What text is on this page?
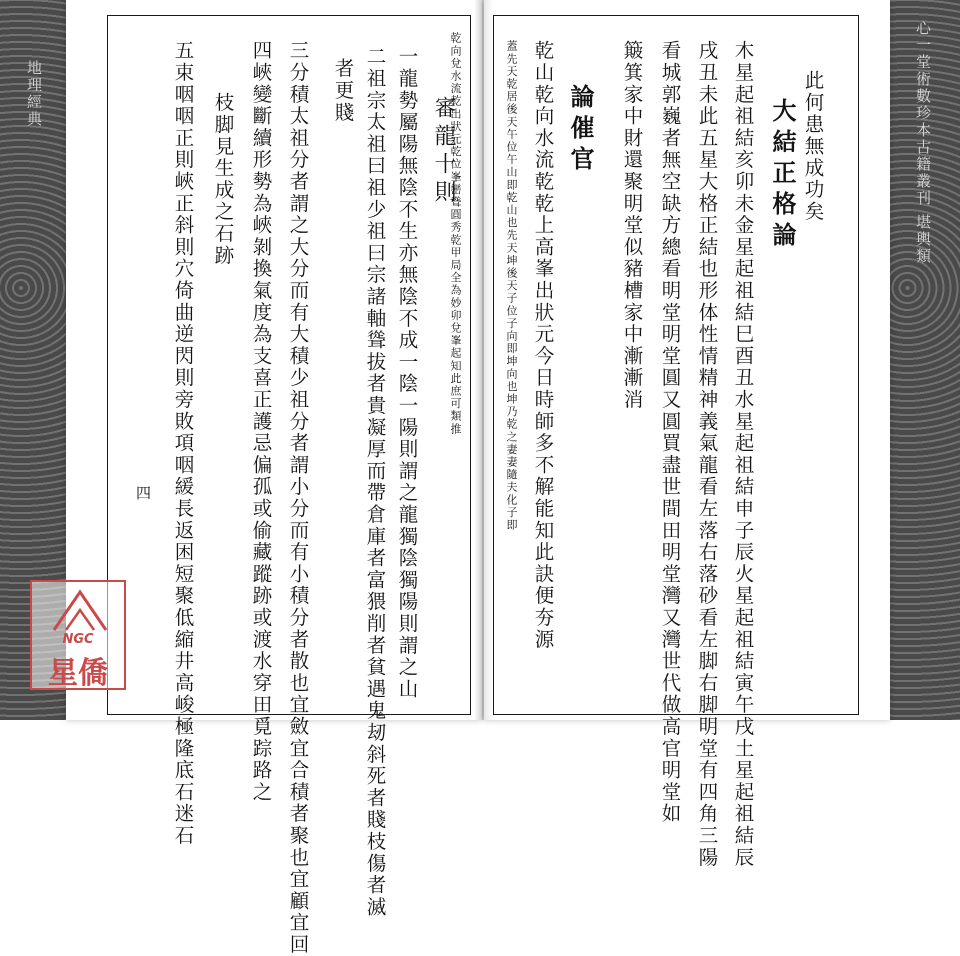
地理經典	心一堂術數珍本古籍叢刊 堪輿類
乾向兌水流乾出狀元乾位峯巒聳圓秀乾甲局全為妙卯兌峯起知此庶可類推
審龍十則
一龍勢屬陽無陰不生亦無陰不成一陰一陽則謂之龍獨陰獨陽則謂之山
二祖宗太祖曰祖少祖曰宗諸軸聳拔者貴凝厚而帶倉庫者富猥削者貧遇鬼刼斜死者賤枝傷者滅
者更賤
三分積太祖分者謂之大分而有大積少祖分者謂小分而有小積分者散也宜斂宜合積者聚也宜顧宜回
四峽變斷續形勢為峽剝換氣度為支喜正護忌偏孤或偷藏蹤跡或渡水穿田覓踪路之
枝脚見生成之石跡
五束咽咽正則峽正斜則穴倚曲逆閃則旁敗項咽緩長返困短聚低縮井高峻極隆底石迷石
四
此何患無成功矣
大結正格論
木星起祖結亥卯未金星起祖結巳酉丑水星起祖結申子辰火星起祖結寅午戌土星起祖結辰
戌丑未此五星大格正結也形体性情精神義氣龍看左落右落砂看左脚右脚明堂有四角三陽
看城郭巍者無空缺方總看明堂明堂圓又圓買盡世間田明堂灣又灣世代做高官明堂如
簸箕家中財還聚明堂似豬槽家中漸漸消
論催官
乾山乾向水流乾乾上高峯出狀元今日時師多不解能知此訣便夯源
蓋先天乾居後天午位午山即乾山也先天坤後天子位子向即坤向也坤乃乾之妻妻隨夫化子即
NGC
星僑
